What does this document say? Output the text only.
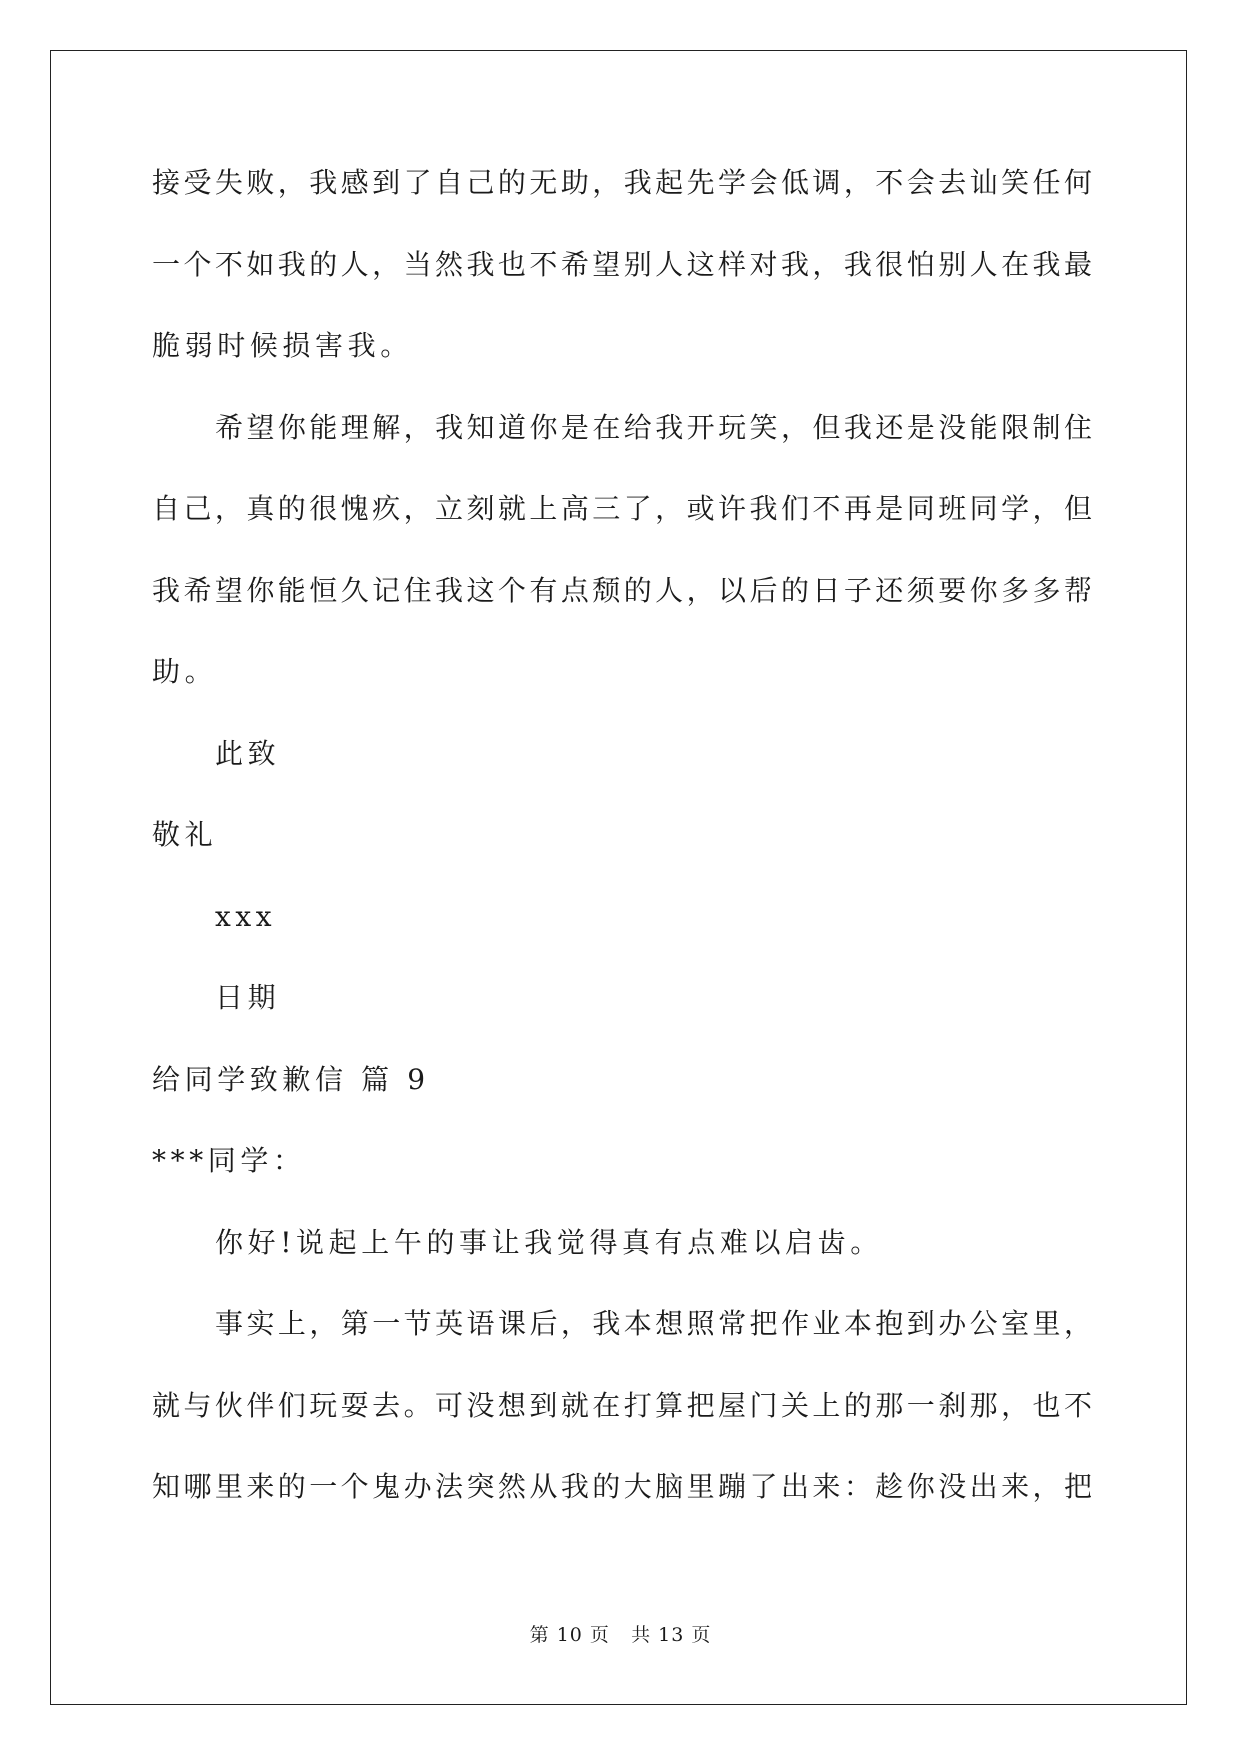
接受失败，我感到了自己的无助，我起先学会低调，不会去讪笑任何
一个不如我的人，当然我也不希望别人这样对我，我很怕别人在我最
脆弱时候损害我。
希望你能理解，我知道你是在给我开玩笑，但我还是没能限制住
自己，真的很愧疚，立刻就上高三了，或许我们不再是同班同学，但
我希望你能恒久记住我这个有点颓的人，以后的日子还须要你多多帮
助。
此致
敬礼
xxx
日期
给同学致歉信 篇 9
***同学：
你好!说起上午的事让我觉得真有点难以启齿。
事实上，第一节英语课后，我本想照常把作业本抱到办公室里，
就与伙伴们玩耍去。可没想到就在打算把屋门关上的那一刹那，也不
知哪里来的一个鬼办法突然从我的大脑里蹦了出来：趁你没出来，把
第 10 页 共 13 页
